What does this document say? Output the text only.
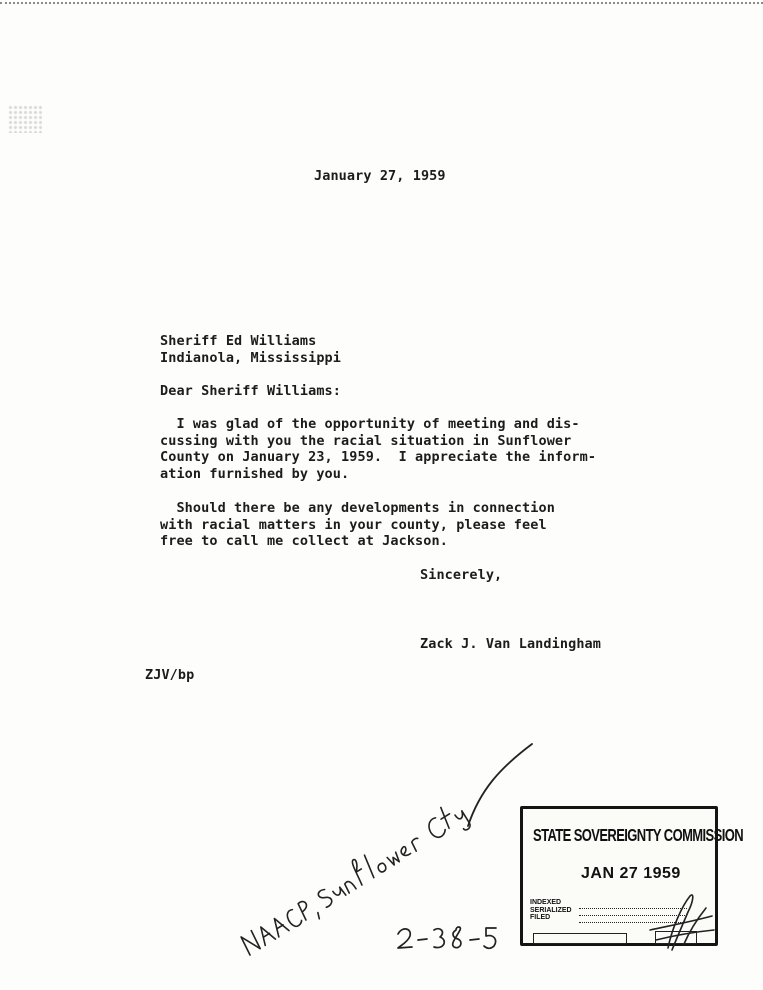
January 27, 1959
Sheriff Ed Williams
Indianola, Mississippi
Dear Sheriff Williams:
I was glad of the opportunity of meeting and dis-
cussing with you the racial situation in Sunflower
County on January 23, 1959.  I appreciate the inform-
ation furnished by you.
Should there be any developments in connection
with racial matters in your county, please feel
free to call me collect at Jackson.
Sincerely,
Zack J. Van Landingham
ZJV/bp
STATE SOVEREIGNTY COMMISSION
JAN 27 1959
INDEXED
SERIALIZED
FILED
